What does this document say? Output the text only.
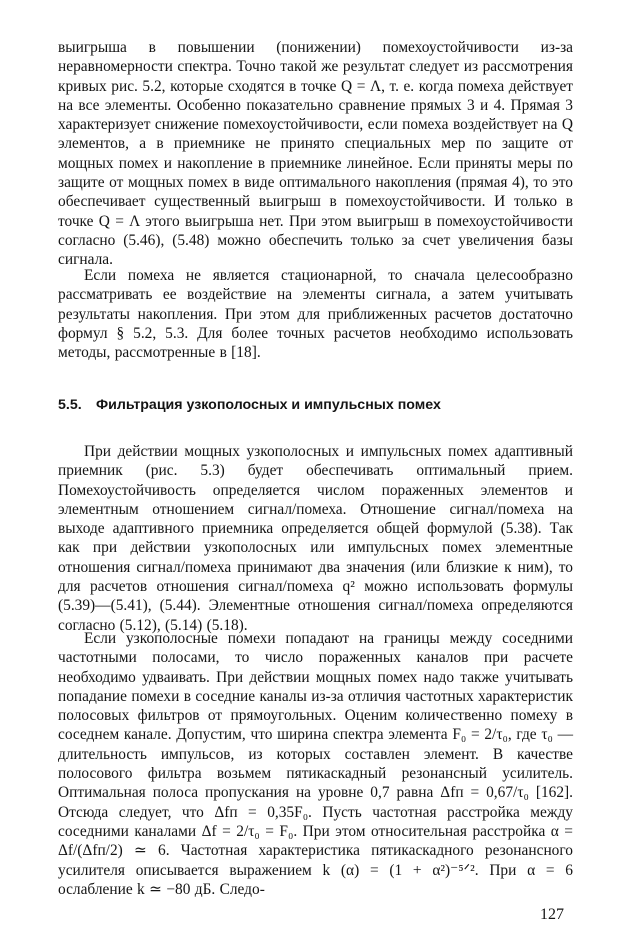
выигрыша в повышении (понижении) помехоустойчивости из-за неравномерности спектра. Точно такой же результат следует из рассмотрения кривых рис. 5.2, которые сходятся в точке Q = Λ, т. е. когда помеха действует на все элементы. Особенно показательно сравнение прямых 3 и 4. Прямая 3 характеризует снижение помехоустойчивости, если помеха воздействует на Q элементов, а в приемнике не принято специальных мер по защите от мощных помех и накопление в приемнике линейное. Если приняты меры по защите от мощных помех в виде оптимального накопления (прямая 4), то это обеспечивает существенный выигрыш в помехоустойчивости. И только в точке Q = Λ этого выигрыша нет. При этом выигрыш в помехоустойчивости согласно (5.46), (5.48) можно обеспечить только за счет увеличения базы сигнала.

Если помеха не является стационарной, то сначала целесообразно рассматривать ее воздействие на элементы сигнала, а затем учитывать результаты накопления. При этом для приближенных расчетов достаточно формул § 5.2, 5.3. Для более точных расчетов необходимо использовать методы, рассмотренные в [18].

5.5. Фильтрация узкополосных и импульсных помех

При действии мощных узкополосных и импульсных помех адаптивный приемник (рис. 5.3) будет обеспечивать оптимальный прием. Помехоустойчивость определяется числом пораженных элементов и элементным отношением сигнал/помеха. Отношение сигнал/помеха на выходе адаптивного приемника определяется общей формулой (5.38). Так как при действии узкополосных или импульсных помех элементные отношения сигнал/помеха принимают два значения (или близкие к ним), то для расчетов отношения сигнал/помеха q² можно использовать формулы (5.39)—(5.41), (5.44). Элементные отношения сигнал/помеха определяются согласно (5.12), (5.14) (5.18).

Если узкополосные помехи попадают на границы между соседними частотными полосами, то число пораженных каналов при расчете необходимо удваивать. При действии мощных помех надо также учитывать попадание помехи в соседние каналы из-за отличия частотных характеристик полосовых фильтров от прямоугольных. Оценим количественно помеху в соседнем канале. Допустим, что ширина спектра элемента F₀ = 2/τ₀, где τ₀ — длительность импульсов, из которых составлен элемент. В качестве полосового фильтра возьмем пятикаскадный резонансный усилитель. Оптимальная полоса пропускания на уровне 0,7 равна Δfп = 0,67/τ₀ [162]. Отсюда следует, что Δfп = 0,35F₀. Пусть частотная расстройка между соседними каналами Δf = 2/τ₀ = F₀. При этом относительная расстройка α = Δf/(Δfп/2) ≃ 6. Частотная характеристика пятикаскадного резонансного усилителя описывается выражением k (α) = (1 + α²)⁻⁵ᐟ². При α = 6 ослабление k ≃ −80 дБ. Следо-

127
